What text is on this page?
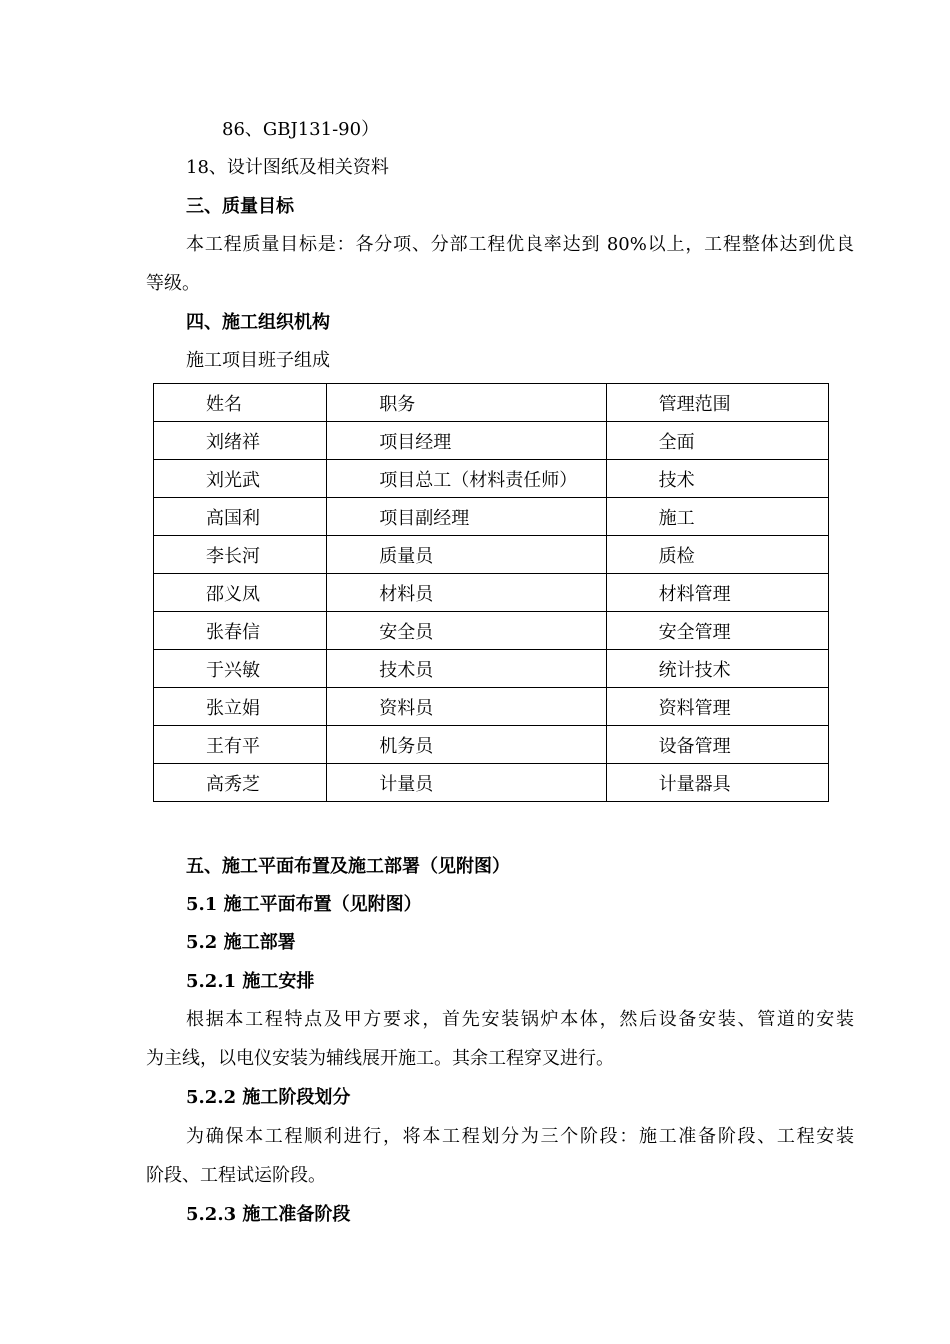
86、GBJ131-90）
18、设计图纸及相关资料
三、质量目标
本工程质量目标是：各分项、分部工程优良率达到 80%以上，工程整体达到优良
等级。
四、施工组织机构
施工项目班子组成
姓名	职务	管理范围
刘绪祥	项目经理	全面
刘光武	项目总工（材料责任师）	技术
高国利	项目副经理	施工
李长河	质量员	质检
邵义凤	材料员	材料管理
张春信	安全员	安全管理
于兴敏	技术员	统计技术
张立娟	资料员	资料管理
王有平	机务员	设备管理
高秀芝	计量员	计量器具
五、施工平面布置及施工部署（见附图）
5.1 施工平面布置（见附图）
5.2 施工部署
5.2.1 施工安排
根据本工程特点及甲方要求，首先安装锅炉本体，然后设备安装、管道的安装
为主线，以电仪安装为辅线展开施工。其余工程穿叉进行。
5.2.2 施工阶段划分
为确保本工程顺利进行，将本工程划分为三个阶段：施工准备阶段、工程安装
阶段、工程试运阶段。
5.2.3 施工准备阶段
